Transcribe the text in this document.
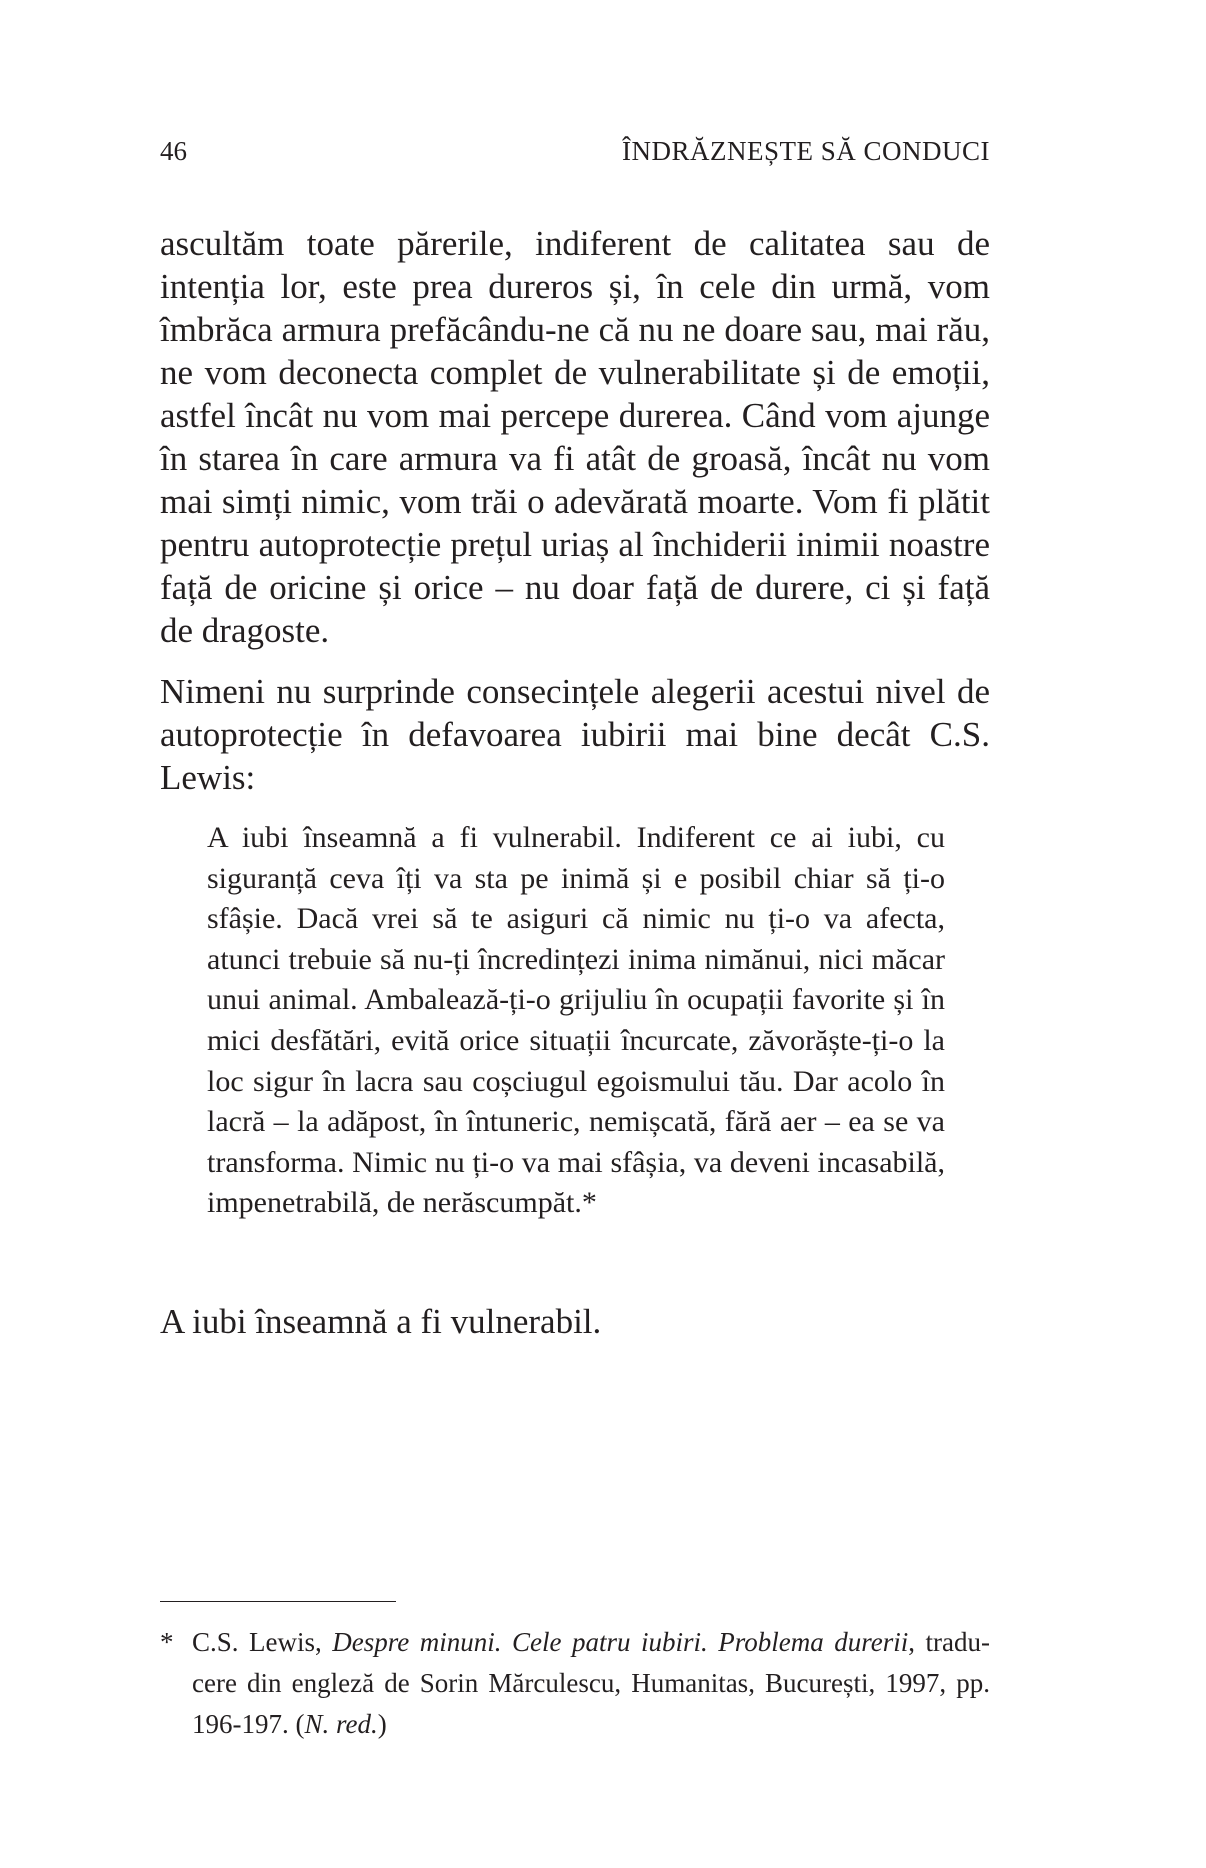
46	ÎNDRĂZNEȘTE SĂ CONDUCI

ascultăm toate părerile, indiferent de calitatea sau de intenția lor, este prea dureros și, în cele din urmă, vom îmbrăca armura prefăcându-ne că nu ne doare sau, mai rău, ne vom deconecta complet de vulnerabilitate și de emoții, astfel încât nu vom mai percepe durerea. Când vom ajunge în starea în care armura va fi atât de groasă, încât nu vom mai simți nimic, vom trăi o adevărată moarte. Vom fi plătit pentru autoprotecție prețul uriaș al închiderii inimii noastre față de oricine și orice – nu doar față de durere, ci și față de dragoste.

Nimeni nu surprinde consecințele alegerii acestui nivel de autoprotecție în defavoarea iubirii mai bine decât C.S. Lewis:

A iubi înseamnă a fi vulnerabil. Indiferent ce ai iubi, cu siguranță ceva îți va sta pe inimă și e posibil chiar să ți-o sfâșie. Dacă vrei să te asiguri că nimic nu ți-o va afecta, atunci trebuie să nu-ți încredințezi inima nimănui, nici măcar unui animal. Ambalează-ți-o grijuliu în ocupații favorite și în mici desfătări, evită orice situații încurcate, zăvorăște-ți-o la loc sigur în lacra sau coșciugul egoismului tău. Dar acolo în lacră – la adăpost, în întuneric, nemișcată, fără aer – ea se va transforma. Nimic nu ți-o va mai sfâșia, va deveni incasabilă, impenetrabilă, de nerăscumpăt.*

A iubi înseamnă a fi vulnerabil.

* C.S. Lewis, Despre minuni. Cele patru iubiri. Problema durerii, traducere din engleză de Sorin Mărculescu, Humanitas, București, 1997, pp. 196-197. (N. red.)
